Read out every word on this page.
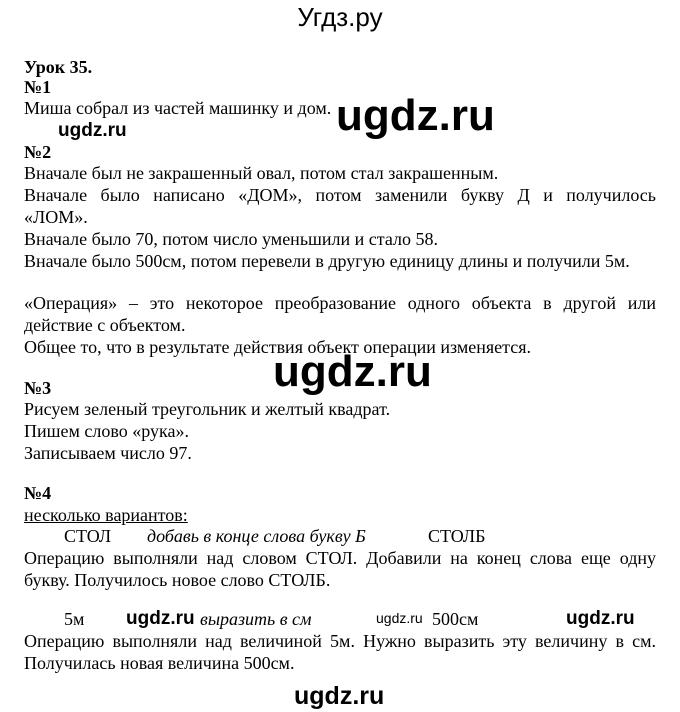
Угдз.ру
Урок 35.
№1
Миша собрал из частей машинку и дом.
№2
Вначале был не закрашенный овал, потом стал закрашенным.
Вначале было написано «ДОМ», потом заменили букву Д и получилось
«ЛОМ».
Вначале было 70, потом число уменьшили и стало 58.
Вначале было 500см, потом перевели в другую единицу длины и получили 5м.
«Операция» – это некоторое преобразование одного объекта в другой или
действие с объектом.
Общее то, что в результате действия объект операции изменяется.
№3
Рисуем зеленый треугольник и желтый квадрат.
Пишем слово «рука».
Записываем число 97.
№4
несколько вариантов:
СТОЛ добавь в конце слова букву Б	СТОЛБ
Операцию выполняли над словом СТОЛ. Добавили на конец слова еще одну
букву. Получилось новое слово СТОЛБ.
5м	выразить в см	500см
Операцию выполняли над величиной 5м. Нужно выразить эту величину в см.
Получилась новая величина 500см.
ugdz.ru
ugdz.ru
ugdz.ru
ugdz.ru	ugdz.ru	ugdz.ru
ugdz.ru
